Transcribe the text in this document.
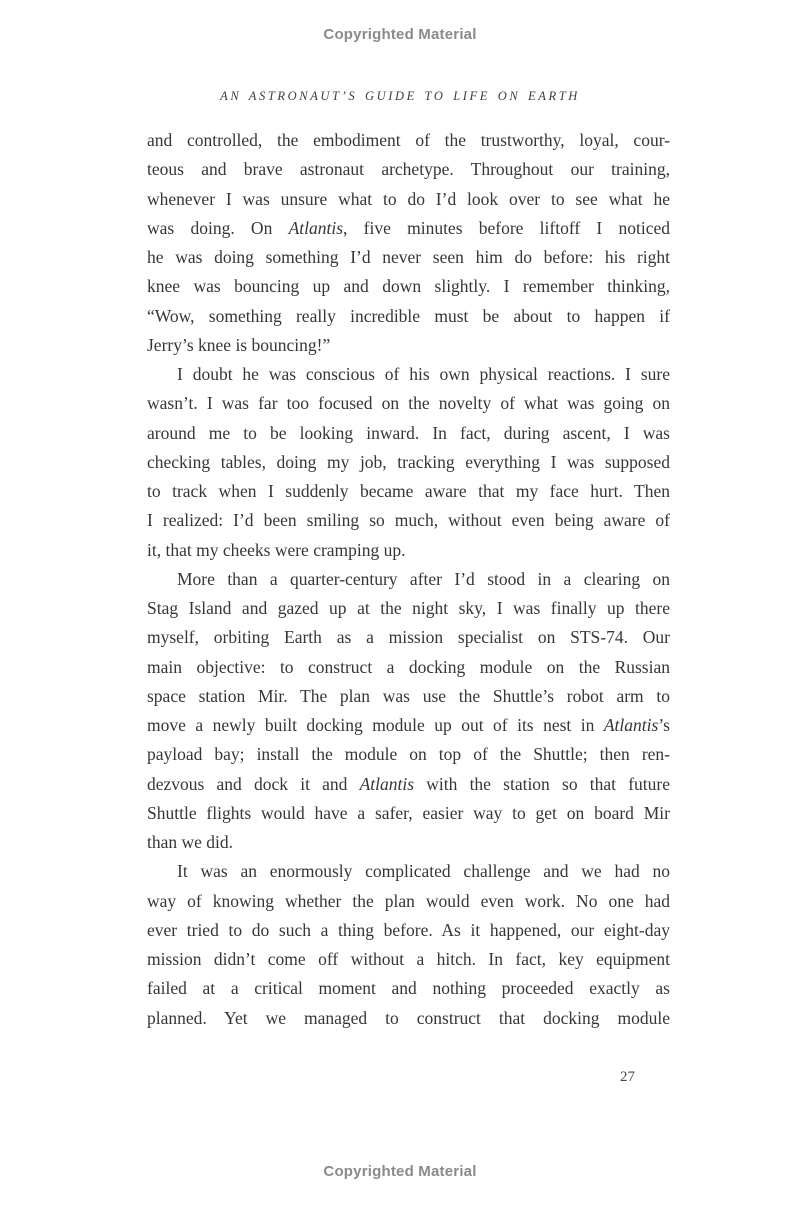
Copyrighted Material
AN ASTRONAUT’S GUIDE TO LIFE ON EARTH
and controlled, the embodiment of the trustworthy, loyal, cour-
teous and brave astronaut archetype. Throughout our training,
whenever I was unsure what to do I’d look over to see what he
was doing. On Atlantis, five minutes before liftoff I noticed
he was doing something I’d never seen him do before: his right
knee was bouncing up and down slightly. I remember thinking,
“Wow, something really incredible must be about to happen if
Jerry’s knee is bouncing!”
I doubt he was conscious of his own physical reactions. I sure
wasn’t. I was far too focused on the novelty of what was going on
around me to be looking inward. In fact, during ascent, I was
checking tables, doing my job, tracking everything I was supposed
to track when I suddenly became aware that my face hurt. Then
I realized: I’d been smiling so much, without even being aware of
it, that my cheeks were cramping up.
More than a quarter-century after I’d stood in a clearing on
Stag Island and gazed up at the night sky, I was finally up there
myself, orbiting Earth as a mission specialist on STS-74. Our
main objective: to construct a docking module on the Russian
space station Mir. The plan was use the Shuttle’s robot arm to
move a newly built docking module up out of its nest in Atlantis’s
payload bay; install the module on top of the Shuttle; then ren-
dezvous and dock it and Atlantis with the station so that future
Shuttle flights would have a safer, easier way to get on board Mir
than we did.
It was an enormously complicated challenge and we had no
way of knowing whether the plan would even work. No one had
ever tried to do such a thing before. As it happened, our eight-day
mission didn’t come off without a hitch. In fact, key equipment
failed at a critical moment and nothing proceeded exactly as
planned. Yet we managed to construct that docking module
27
Copyrighted Material
